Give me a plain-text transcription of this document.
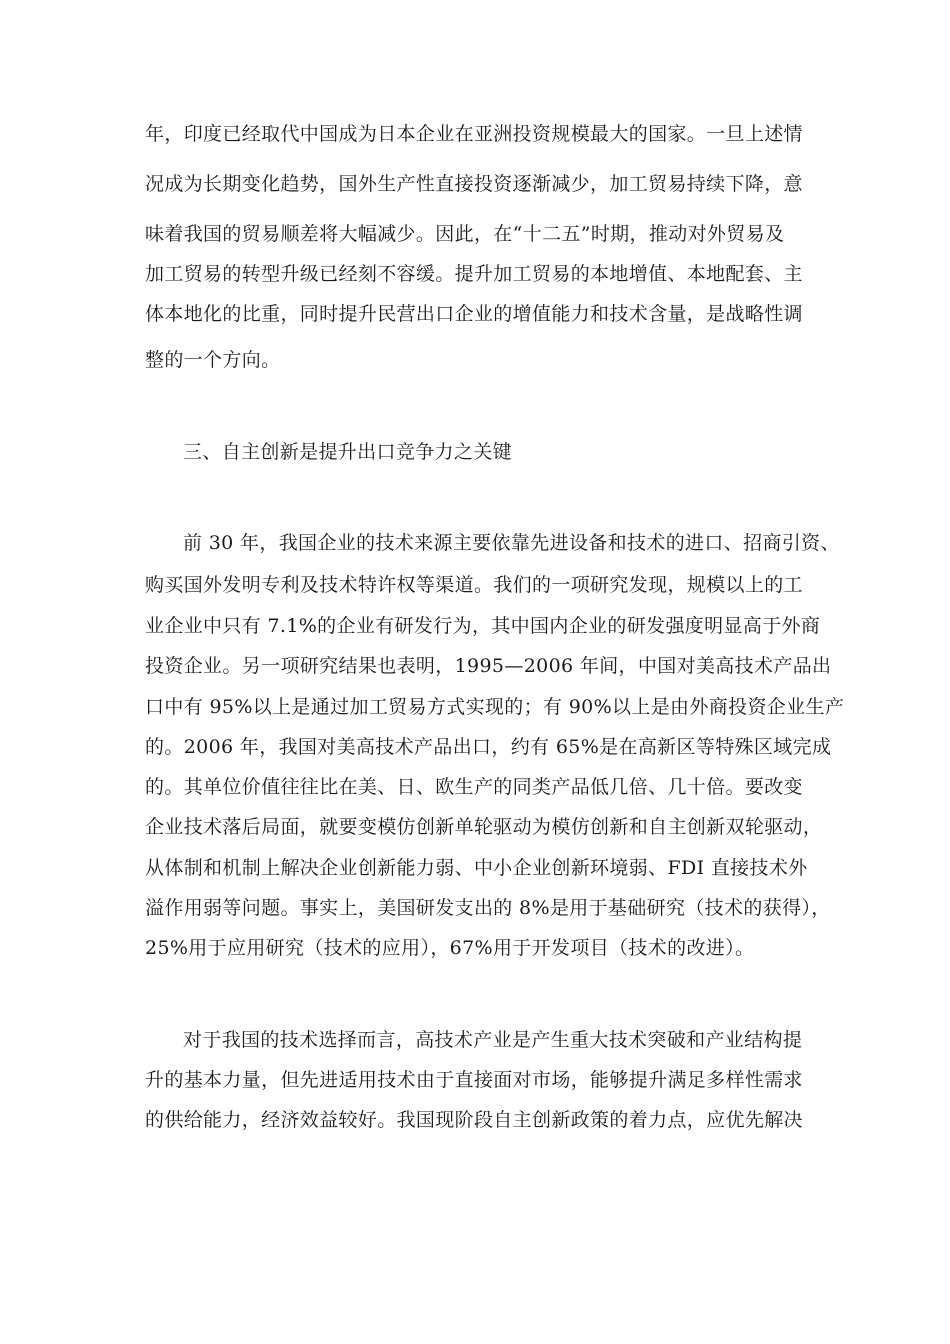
年，印度已经取代中国成为日本企业在亚洲投资规模最大的国家。一旦上述情
况成为长期变化趋势，国外生产性直接投资逐渐减少，加工贸易持续下降，意
味着我国的贸易顺差将大幅减少。因此，在“十二五”时期，推动对外贸易及
加工贸易的转型升级已经刻不容缓。提升加工贸易的本地增值、本地配套、主
体本地化的比重，同时提升民营出口企业的增值能力和技术含量，是战略性调
整的一个方向。
三、自主创新是提升出口竞争力之关键
前 30 年，我国企业的技术来源主要依靠先进设备和技术的进口、招商引资、
购买国外发明专利及技术特许权等渠道。我们的一项研究发现，规模以上的工
业企业中只有 7.1%的企业有研发行为，其中国内企业的研发强度明显高于外商
投资企业。另一项研究结果也表明，1995—2006 年间，中国对美高技术产品出
口中有 95%以上是通过加工贸易方式实现的；有 90%以上是由外商投资企业生产
的。2006 年，我国对美高技术产品出口，约有 65%是在高新区等特殊区域完成
的。其单位价值往往比在美、日、欧生产的同类产品低几倍、几十倍。要改变
企业技术落后局面，就要变模仿创新单轮驱动为模仿创新和自主创新双轮驱动，
从体制和机制上解决企业创新能力弱、中小企业创新环境弱、FDI 直接技术外
溢作用弱等问题。事实上，美国研发支出的 8%是用于基础研究（技术的获得），
25%用于应用研究（技术的应用），67%用于开发项目（技术的改进）。
对于我国的技术选择而言，高技术产业是产生重大技术突破和产业结构提
升的基本力量，但先进适用技术由于直接面对市场，能够提升满足多样性需求
的供给能力，经济效益较好。我国现阶段自主创新政策的着力点，应优先解决
